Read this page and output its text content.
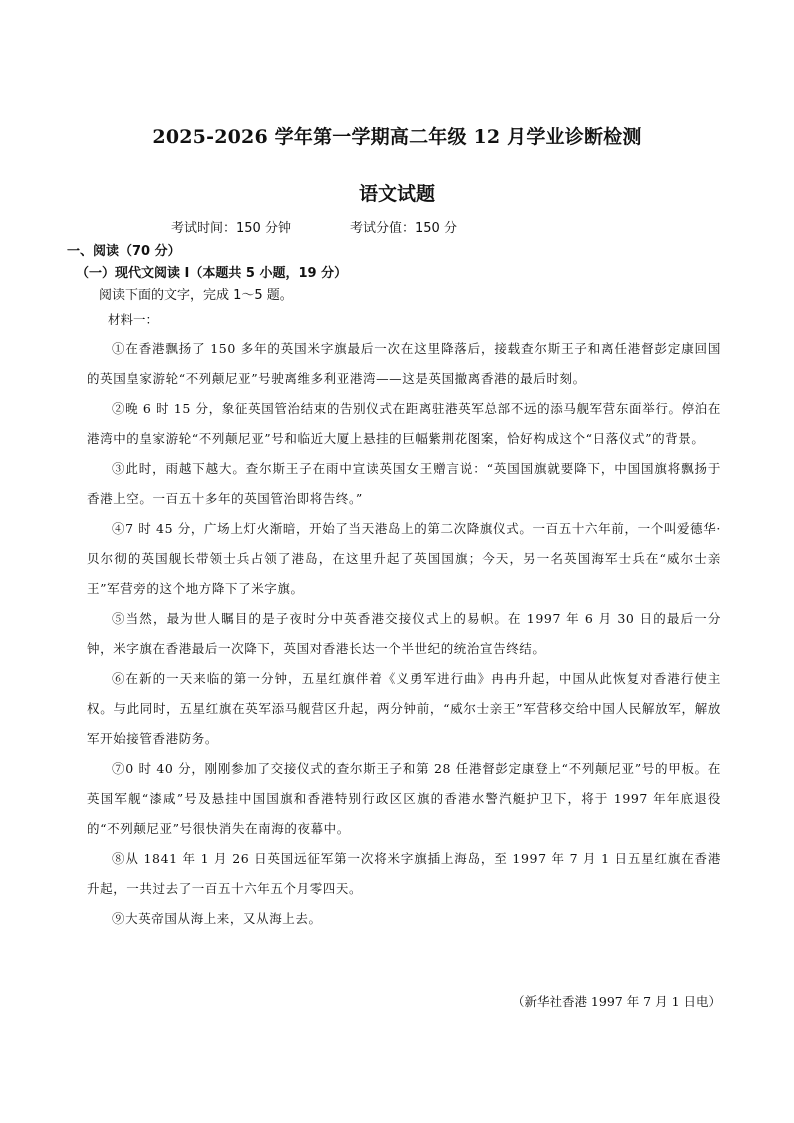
2025-2026 学年第一学期高二年级 12 月学业诊断检测
语文试题
考试时间：150 分钟	考试分值：150 分
一、阅读（70 分）
（一）现代文阅读 I（本题共 5 小题，19 分）
阅读下面的文字，完成 1～5 题。
材料一：

①在香港飘扬了 150 多年的英国米字旗最后一次在这里降落后，接载查尔斯王子和离任港督彭定康回国的英国皇家游轮“不列颠尼亚”号驶离维多利亚港湾——这是英国撤离香港的最后时刻。

②晚 6 时 15 分，象征英国管治结束的告别仪式在距离驻港英军总部不远的添马舰军营东面举行。停泊在港湾中的皇家游轮“不列颠尼亚”号和临近大厦上悬挂的巨幅紫荆花图案，恰好构成这个“日落仪式”的背景。

③此时，雨越下越大。查尔斯王子在雨中宣读英国女王赠言说：“英国国旗就要降下，中国国旗将飘扬于香港上空。一百五十多年的英国管治即将告终。”

④7 时 45 分，广场上灯火渐暗，开始了当天港岛上的第二次降旗仪式。一百五十六年前，一个叫爱德华·贝尔彻的英国舰长带领士兵占领了港岛，在这里升起了英国国旗；今天，另一名英国海军士兵在“威尔士亲王”军营旁的这个地方降下了米字旗。

⑤当然，最为世人瞩目的是子夜时分中英香港交接仪式上的易帜。在 1997 年 6 月 30 日的最后一分钟，米字旗在香港最后一次降下，英国对香港长达一个半世纪的统治宣告终结。

⑥在新的一天来临的第一分钟，五星红旗伴着《义勇军进行曲》冉冉升起，中国从此恢复对香港行使主权。与此同时，五星红旗在英军添马舰营区升起，两分钟前，“威尔士亲王”军营移交给中国人民解放军，解放军开始接管香港防务。

⑦0 时 40 分，刚刚参加了交接仪式的查尔斯王子和第 28 任港督彭定康登上“不列颠尼亚”号的甲板。在英国军舰“漆咸”号及悬挂中国国旗和香港特别行政区区旗的香港水警汽艇护卫下，将于 1997 年年底退役的“不列颠尼亚”号很快消失在南海的夜幕中。

⑧从 1841 年 1 月 26 日英国远征军第一次将米字旗插上海岛，至 1997 年 7 月 1 日五星红旗在香港升起，一共过去了一百五十六年五个月零四天。

⑨大英帝国从海上来，又从海上去。

（新华社香港 1997 年 7 月 1 日电）
